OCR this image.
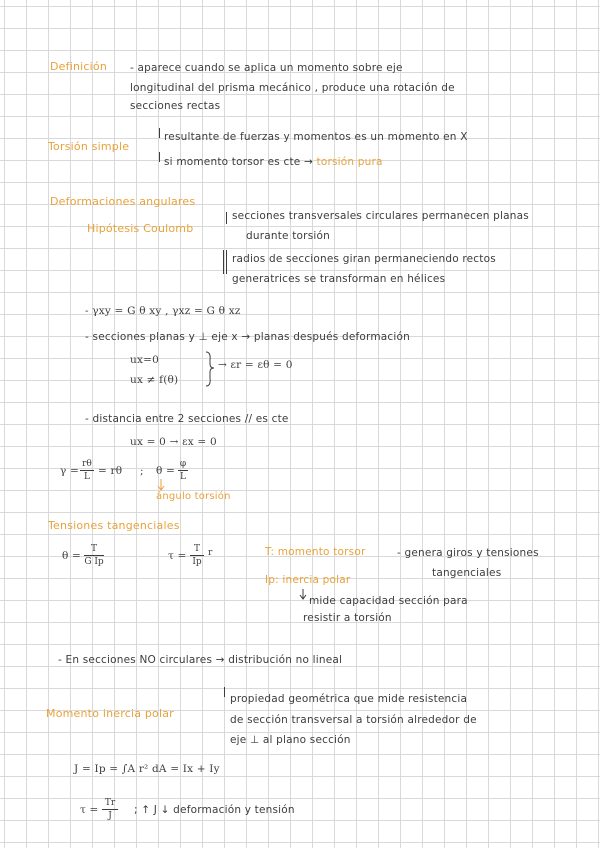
Definición - aparece cuando se aplica un momento sobre eje
longitudinal del prisma mecánico , produce una rotación de
secciones rectas
Torsión simple
resultante de fuerzas y momentos es un momento en X
si momento torsor es cte → torsión pura
Deformaciones angulares
Hipótesis Coulomb
secciones transversales circulares permanecen planas
durante torsión
radios de secciones giran permaneciendo rectos
generatrices se transforman en hélices
- γxy = G θ xy , γxz = G θ xz
- secciones planas y ⊥ eje x → planas después deformación
ux=0
ux ≠ f(θ)
→ εr = εθ = 0
- distancia entre 2 secciones // es cte
ux = 0 → εx = 0
γ =
rθ
L = rθ ; θ =
φ
L
ángulo torsión
Tensiones tangenciales
θ =
T
G Ip	τ =
T
Ip
r	T: momento torsor	- genera giros y tensiones
tangenciales
Ip: inercia polar
mide capacidad sección para
resistir a torsión
- En secciones NO circulares → distribución no lineal
Momento inercia polar
propiedad geométrica que mide resistencia
de sección transversal a torsión alrededor de
eje ⊥ al plano sección
J = Ip = ∫A r² dA = Ix + Iy
τ =
Tr
J ; ↑ J ↓ deformación y tensión
